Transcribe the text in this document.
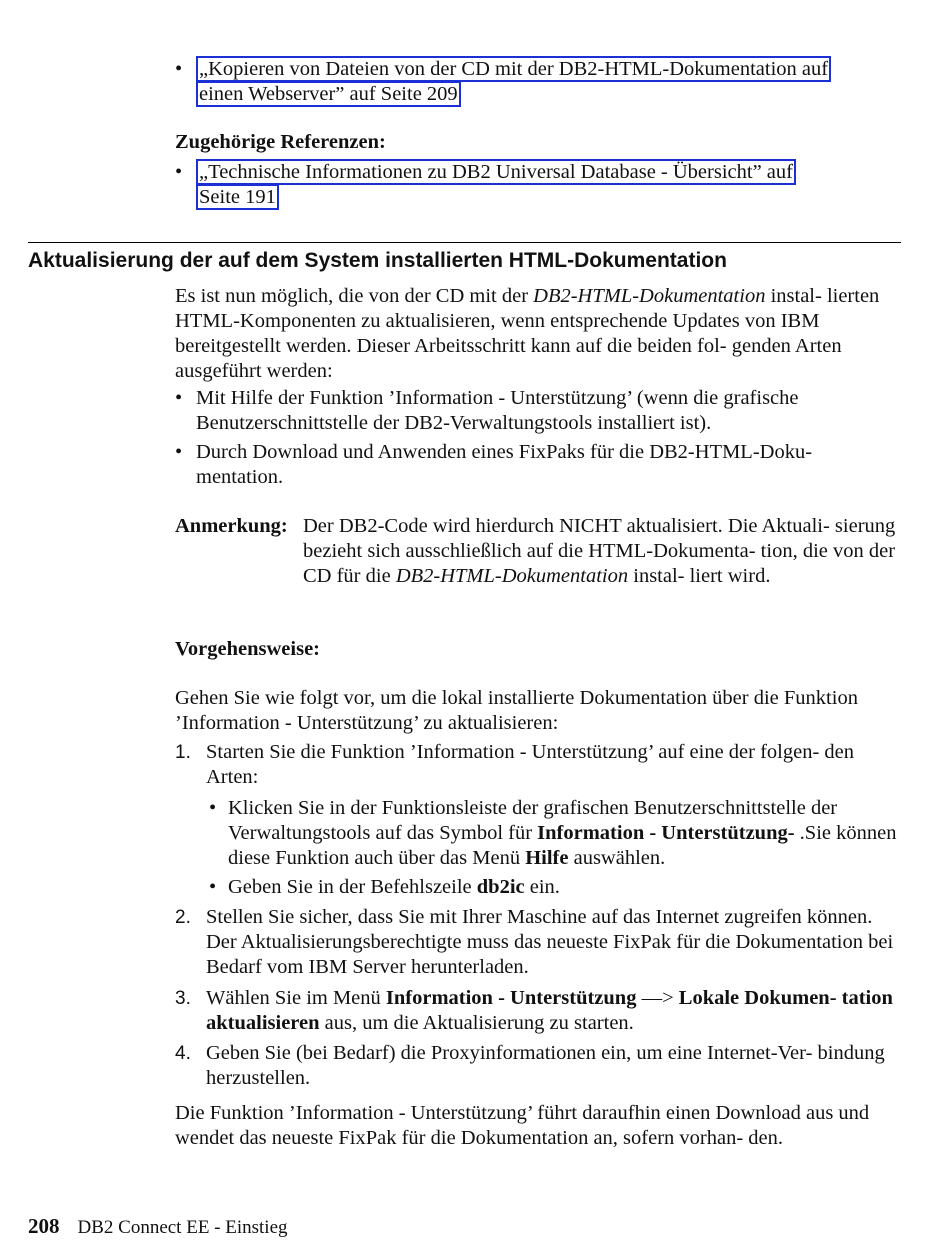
• „Kopieren von Dateien von der CD mit der DB2-HTML-Dokumentation auf
einen Webserver” auf Seite 209
Zugehörige Referenzen:
• „Technische Informationen zu DB2 Universal Database - Übersicht” auf
Seite 191
Aktualisierung der auf dem System installierten HTML-Dokumentation
Es ist nun möglich, die von der CD mit der DB2-HTML-Dokumentation instal- lierten HTML-Komponenten zu aktualisieren, wenn entsprechende Updates von IBM bereitgestellt werden. Dieser Arbeitsschritt kann auf die beiden fol- genden Arten ausgeführt werden:
• Mit Hilfe der Funktion ’Information - Unterstützung’ (wenn die grafische Benutzerschnittstelle der DB2-Verwaltungstools installiert ist).
• Durch Download und Anwenden eines FixPaks für die DB2-HTML-Doku- mentation.
Anmerkung: Der DB2-Code wird hierdurch NICHT aktualisiert. Die Aktuali- sierung bezieht sich ausschließlich auf die HTML-Dokumenta- tion, die von der CD für die DB2-HTML-Dokumentation instal- liert wird.
Vorgehensweise:
Gehen Sie wie folgt vor, um die lokal installierte Dokumentation über die Funktion ’Information - Unterstützung’ zu aktualisieren:
1. Starten Sie die Funktion ’Information - Unterstützung’ auf eine der folgen- den Arten:
• Klicken Sie in der Funktionsleiste der grafischen Benutzerschnittstelle der Verwaltungstools auf das Symbol für Information - Unterstützung- .Sie können diese Funktion auch über das Menü Hilfe auswählen.
• Geben Sie in der Befehlszeile db2ic ein.
2. Stellen Sie sicher, dass Sie mit Ihrer Maschine auf das Internet zugreifen können. Der Aktualisierungsberechtigte muss das neueste FixPak für die Dokumentation bei Bedarf vom IBM Server herunterladen.
3. Wählen Sie im Menü Information - Unterstützung —> Lokale Dokumen- tation aktualisieren aus, um die Aktualisierung zu starten.
4. Geben Sie (bei Bedarf) die Proxyinformationen ein, um eine Internet-Ver- bindung herzustellen.
Die Funktion ’Information - Unterstützung’ führt daraufhin einen Download aus und wendet das neueste FixPak für die Dokumentation an, sofern vorhan- den.
208 DB2 Connect EE - Einstieg
